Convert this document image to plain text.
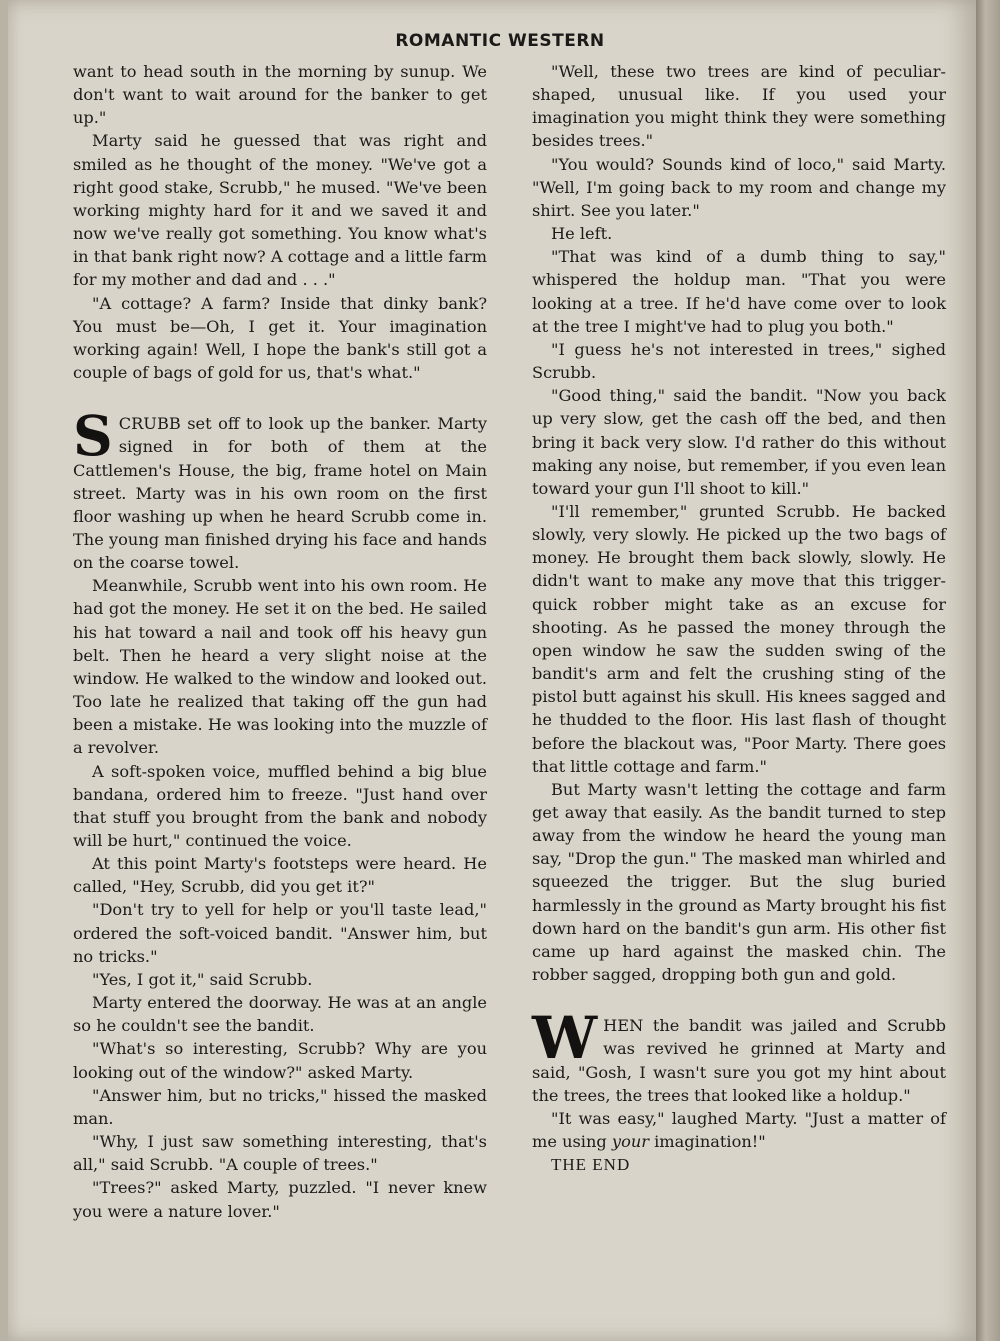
ROMANTIC WESTERN

want to head south in the morning by sunup. We don't want to wait around for the banker to get up."

Marty said he guessed that was right and smiled as he thought of the money. "We've got a right good stake, Scrubb," he mused. "We've been working mighty hard for it and we saved it and now we've really got something. You know what's in that bank right now? A cottage and a little farm for my mother and dad and . . ."

"A cottage? A farm? Inside that dinky bank? You must be—Oh, I get it. Your imagination working again! Well, I hope the bank's still got a couple of bags of gold for us, that's what."

SCRUBB set off to look up the banker. Marty signed in for both of them at the Cattlemen's House, the big, frame hotel on Main street. Marty was in his own room on the first floor washing up when he heard Scrubb come in. The young man finished drying his face and hands on the coarse towel.

Meanwhile, Scrubb went into his own room. He had got the money. He set it on the bed. He sailed his hat toward a nail and took off his heavy gun belt. Then he heard a very slight noise at the window. He walked to the window and looked out. Too late he realized that taking off the gun had been a mistake. He was looking into the muzzle of a revolver.

A soft-spoken voice, muffled behind a big blue bandana, ordered him to freeze. "Just hand over that stuff you brought from the bank and nobody will be hurt," continued the voice.

At this point Marty's footsteps were heard. He called, "Hey, Scrubb, did you get it?"

"Don't try to yell for help or you'll taste lead," ordered the soft-voiced bandit. "Answer him, but no tricks."

"Yes, I got it," said Scrubb.

Marty entered the doorway. He was at an angle so he couldn't see the bandit.

"What's so interesting, Scrubb? Why are you looking out of the window?" asked Marty.

"Answer him, but no tricks," hissed the masked man.

"Why, I just saw something interesting, that's all," said Scrubb. "A couple of trees."

"Trees?" asked Marty, puzzled. "I never knew you were a nature lover."

"Well, these two trees are kind of peculiar-shaped, unusual like. If you used your imagination you might think they were something besides trees."

"You would? Sounds kind of loco," said Marty. "Well, I'm going back to my room and change my shirt. See you later."

He left.

"That was kind of a dumb thing to say," whispered the holdup man. "That you were looking at a tree. If he'd have come over to look at the tree I might've had to plug you both."

"I guess he's not interested in trees," sighed Scrubb.

"Good thing," said the bandit. "Now you back up very slow, get the cash off the bed, and then bring it back very slow. I'd rather do this without making any noise, but remember, if you even lean toward your gun I'll shoot to kill."

"I'll remember," grunted Scrubb. He backed slowly, very slowly. He picked up the two bags of money. He brought them back slowly, slowly. He didn't want to make any move that this trigger-quick robber might take as an excuse for shooting. As he passed the money through the open window he saw the sudden swing of the bandit's arm and felt the crushing sting of the pistol butt against his skull. His knees sagged and he thudded to the floor. His last flash of thought before the blackout was, "Poor Marty. There goes that little cottage and farm."

But Marty wasn't letting the cottage and farm get away that easily. As the bandit turned to step away from the window he heard the young man say, "Drop the gun." The masked man whirled and squeezed the trigger. But the slug buried harmlessly in the ground as Marty brought his fist down hard on the bandit's gun arm. His other fist came up hard against the masked chin. The robber sagged, dropping both gun and gold.

WHEN the bandit was jailed and Scrubb was revived he grinned at Marty and said, "Gosh, I wasn't sure you got my hint about the trees, the trees that looked like a holdup."

"It was easy," laughed Marty. "Just a matter of me using your imagination!"

THE END
